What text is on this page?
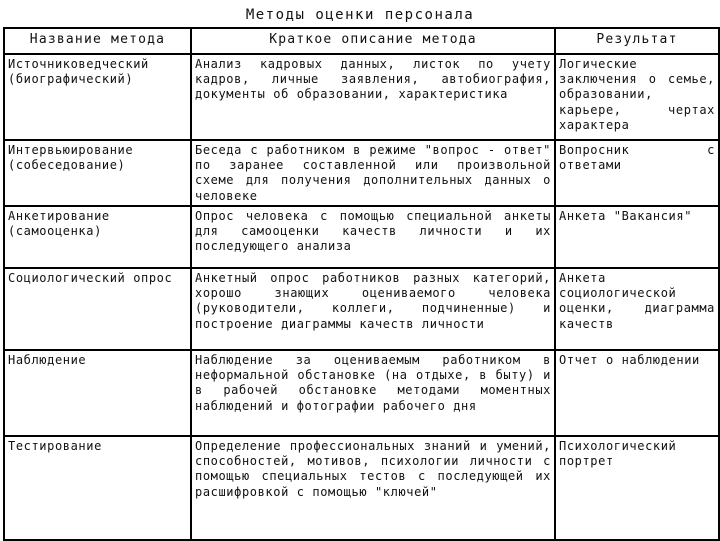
Методы оценки персонала
Название метода	Краткое описание метода	Результат
Источниковедческий (биографический)	Анализ кадровых данных, листок по учету кадров, личные заявления, автобиография, документы об образовании, характеристика	Логические заключения о семье, образовании, карьере, чертах характера
Интервьюирование (собеседование)	Беседа с работником в режиме "вопрос - ответ" по заранее составленной или произвольной схеме для получения дополнительных данных о человеке	Вопросник с ответами
Анкетирование (самооценка)	Опрос человека с помощью специальной анкеты для самооценки качеств личности и их последующего анализа	Анкета "Вакансия"
Социологический опрос	Анкетный опрос работников разных категорий, хорошо знающих оцениваемого человека (руководители, коллеги, подчиненные) и построение диаграммы качеств личности	Анкета социологической оценки, диаграмма качеств
Наблюдение	Наблюдение за оцениваемым работником в неформальной обстановке (на отдыхе, в быту) и в рабочей обстановке методами моментных наблюдений и фотографии рабочего дня	Отчет о наблюдении
Тестирование	Определение профессиональных знаний и умений, способностей, мотивов, психологии личности с помощью специальных тестов с последующей их расшифровкой с помощью "ключей"	Психологический портрет
